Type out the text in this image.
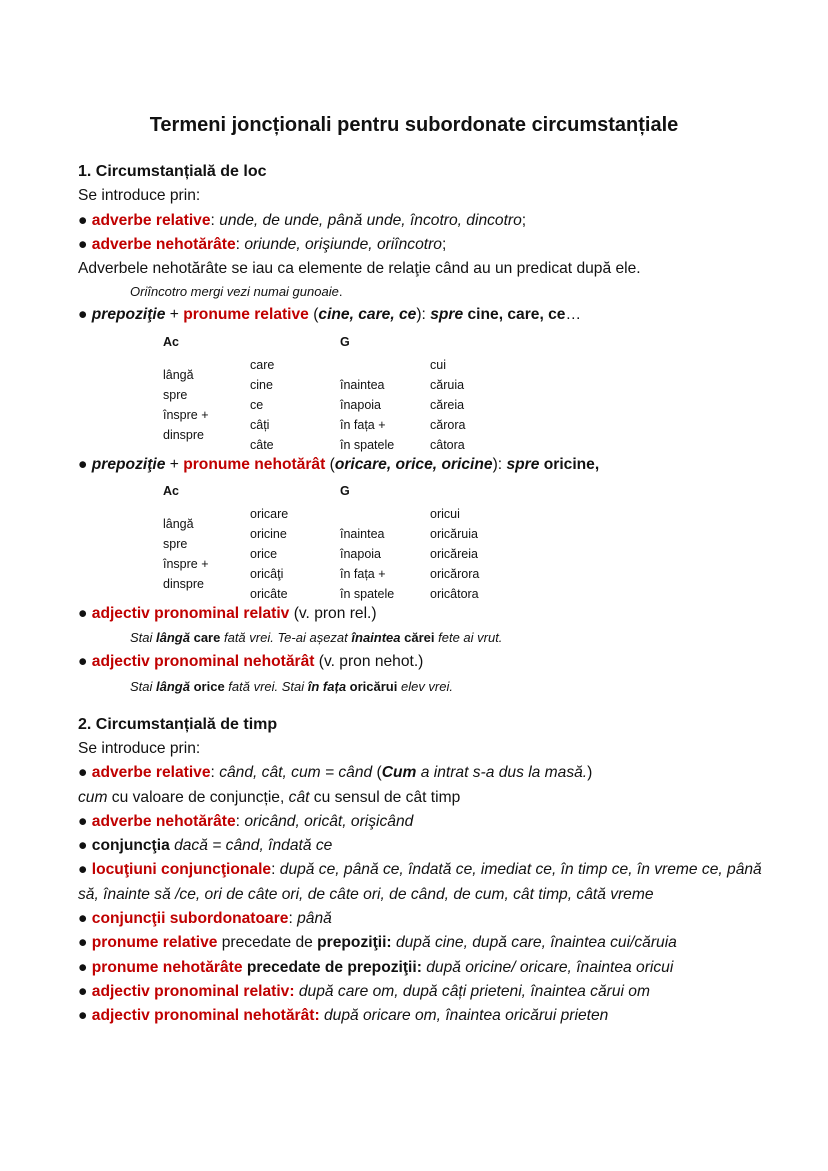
Termeni joncționali pentru subordonate circumstanțiale
1. Circumstanțială de loc
Se introduce prin:
● adverbe relative: unde, de unde, până unde, încotro, dincotro;
● adverbe nehotărâte: oriunde, orişiunde, oriîncotro;
Adverbele nehotărâte se iau ca elemente de relaţie când au un predicat după ele.
Oriîncotro mergi vezi numai gunoaie.
● prepoziţie + pronume relative (cine, care, ce): spre cine, care, ce…
Ac	G
lângă
spre
înspre +
dinspre
care
cine
ce
câți
câte
înaintea
înapoia
în fața +
în spatele
cui
căruia
căreia
cărora
câtora
● prepoziţie + pronume nehotărât (oricare, orice, oricine): spre oricine,
Ac	G
lângă
spre
înspre +
dinspre
oricare
oricine
orice
oricâţi
oricâte
înaintea
înapoia
în fața +
în spatele
oricui
oricăruia
oricăreia
oricărora
oricâtora
● adjectiv pronominal relativ (v. pron rel.)
Stai lângă care fată vrei. Te-ai așezat înaintea cărei fete ai vrut.
● adjectiv pronominal nehotărât (v. pron nehot.)
Stai lângă orice fată vrei. Stai în fața oricărui elev vrei.
2. Circumstanțială de timp
Se introduce prin:
● adverbe relative: când, cât, cum = când (Cum a intrat s-a dus la masă.)
cum cu valoare de conjuncție, cât cu sensul de cât timp
● adverbe nehotărâte: oricând, oricât, orişicând
● conjuncţia dacă = când, îndată ce
● locuţiuni conjuncţionale: după ce, până ce, îndată ce, imediat ce, în timp ce, în vreme ce, până să, înainte să /ce, ori de câte ori, de câte ori, de când, de cum, cât timp, câtă vreme
● conjuncţii subordonatoare: până
● pronume relative precedate de prepoziţii: după cine, după care, înaintea cui/căruia
● pronume nehotărâte precedate de prepoziţii: după oricine/ oricare, înaintea oricui
● adjectiv pronominal relativ: după care om, după câți prieteni, înaintea cărui om
● adjectiv pronominal nehotărât: după oricare om, înaintea oricărui prieten
